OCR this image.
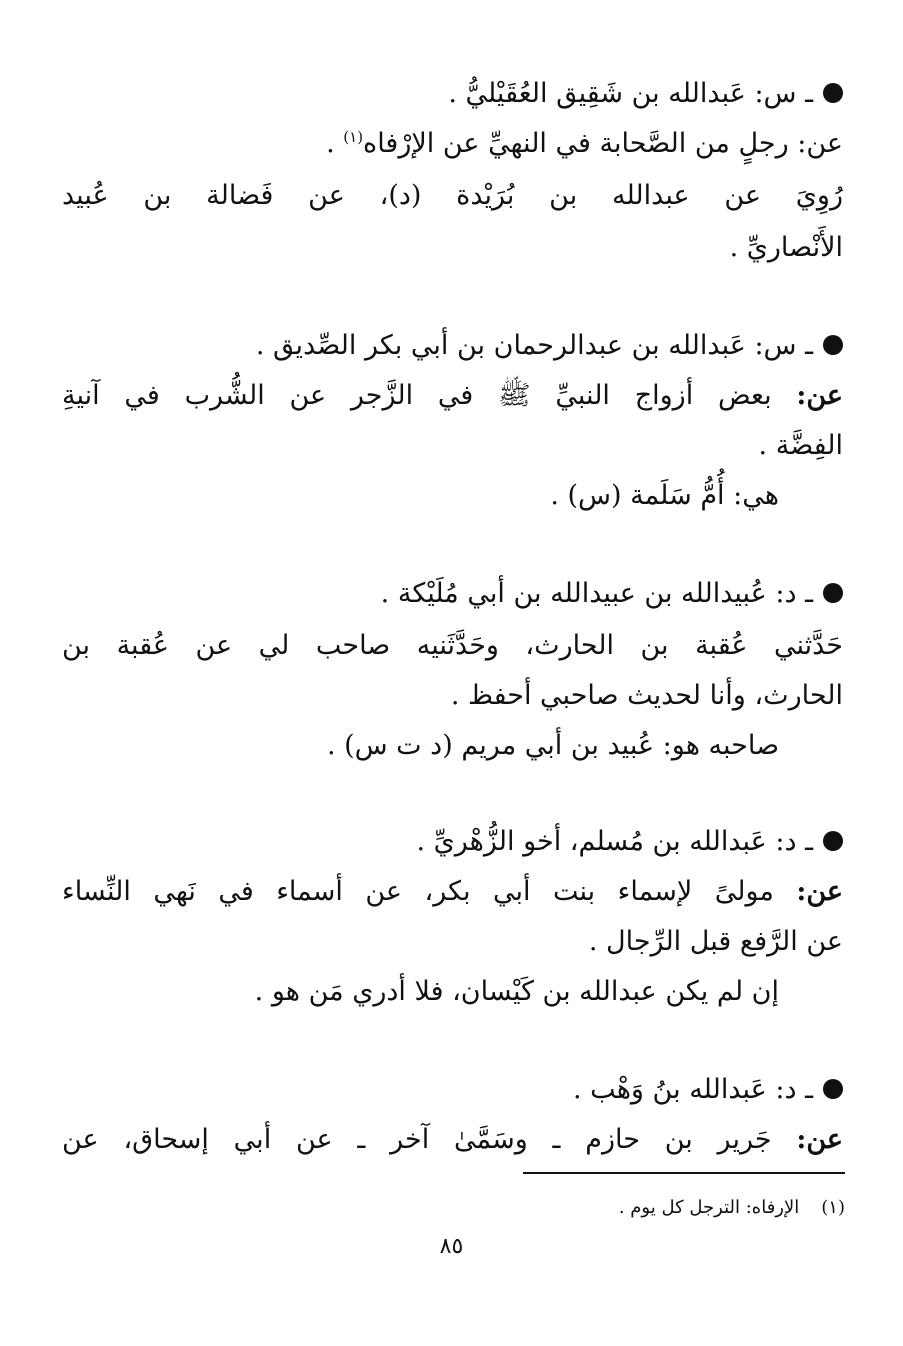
ـ س: عَبدالله بن شَقِيق العُقَيْليُّ .
عن: رجلٍ من الصَّحابة في النهيِّ عن الإرْفاه$^{(١)}$ .
رُوِيَ عن عبدالله بن بُرَيْدة (د)، عن فَضالة بن عُبيد
الأَنْصاريِّ .
ـ س: عَبدالله بن عبدالرحمان بن أبي بكر الصِّديق .
عن: بعض أزواج النبيِّ ﷺ في الزَّجر عن الشُّرب في آنيةِ
الفِضَّة .
هي: أُمُّ سَلَمة (س) .
ـ د: عُبيدالله بن عبيدالله بن أبي مُلَيْكة .
حَدَّثني عُقبة بن الحارث، وحَدَّثَنيه صاحب لي عن عُقبة بن
الحارث، وأنا لحديث صاحبي أحفظ .
صاحبه هو: عُبيد بن أبي مريم (د ت س) .
ـ د: عَبدالله بن مُسلم، أخو الزُّهْريِّ .
عن: مولىً لإسماء بنت أبي بكر، عن أسماء في نَهي النِّساء
عن الرَّفع قبل الرِّجال .
إن لم يكن عبدالله بن كَيْسان، فلا أدري مَن هو .
ـ د: عَبدالله بنُ وَهْب .
عن: جَرير بن حازم ـ وسَمَّىٰ آخر ـ عن أبي إسحاق، عن
(١)الإرفاه: الترجل كل يوم .
٨٥
